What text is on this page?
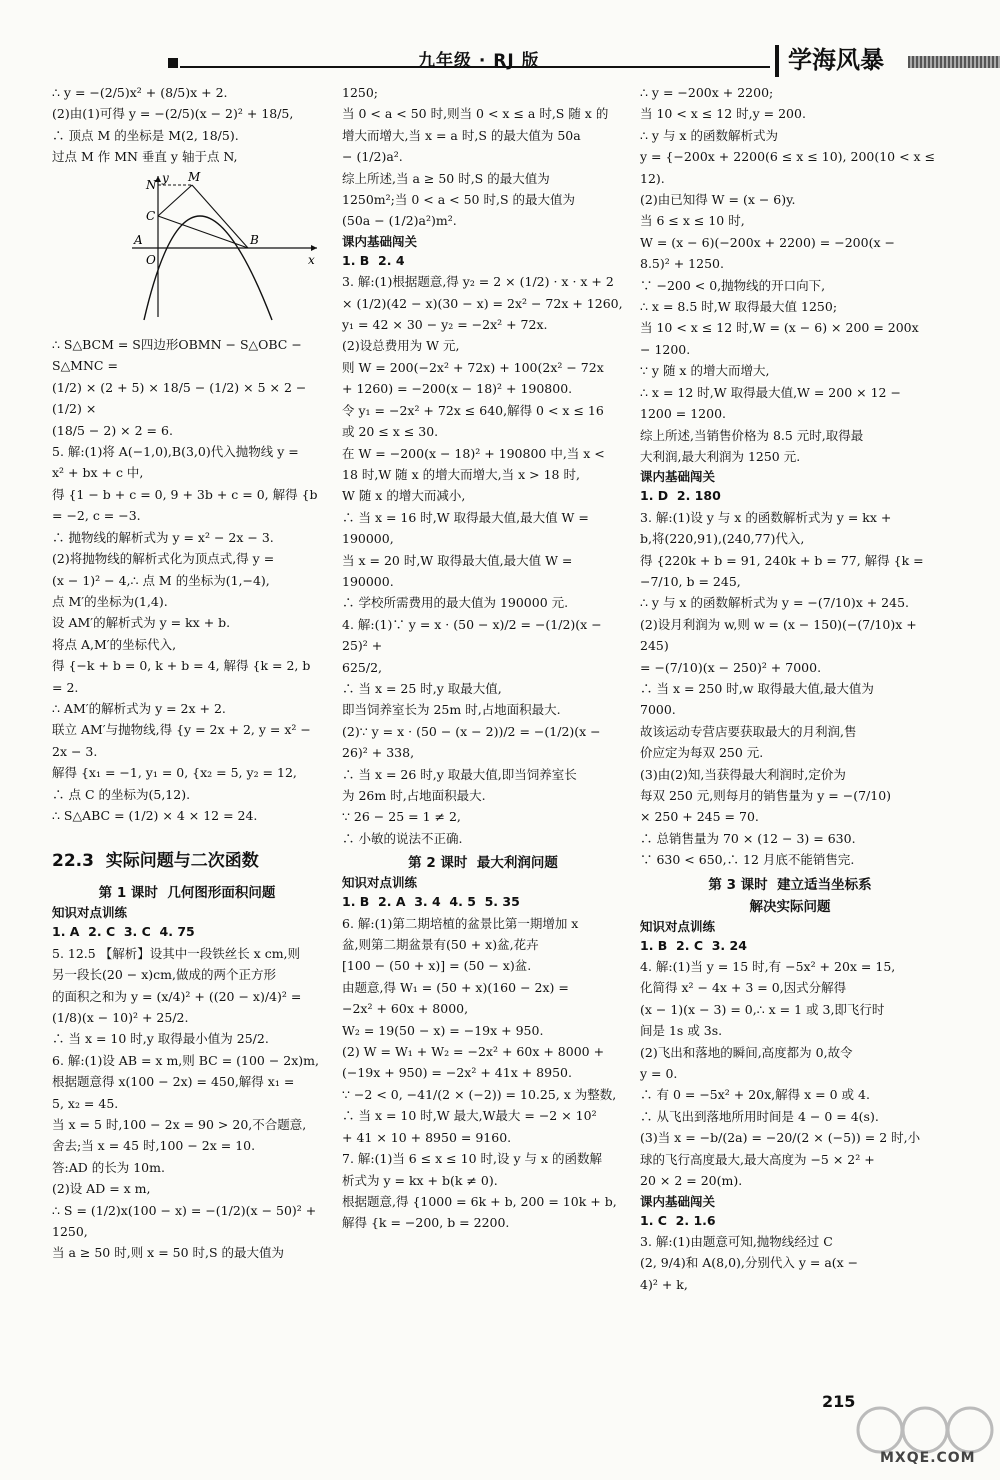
九年级 · RJ 版	学海风暴

∴ y = −(2/5)x² + (8/5)x + 2.

(2)由(1)可得 y = −(2/5)(x − 2)² + 18/5,

∴ 顶点 M 的坐标是 M(2, 18/5).

过点 M 作 MN 垂直 y 轴于点 N,

N
M
C
A
O
B
x
y

∴ S△BCM = S四边形OBMN − S△OBC − S△MNC =

(1/2) × (2 + 5) × 18/5 − (1/2) × 5 × 2 − (1/2) ×

(18/5 − 2) × 2 = 6.

5. 解:(1)将 A(−1,0),B(3,0)代入抛物线 y =

x² + bx + c 中,

得 {1 − b + c = 0, 9 + 3b + c = 0, 解得 {b = −2, c = −3.

∴ 抛物线的解析式为 y = x² − 2x − 3.

(2)将抛物线的解析式化为顶点式,得 y =

(x − 1)² − 4,∴ 点 M 的坐标为(1,−4),

点 M′的坐标为(1,4).

设 AM′的解析式为 y = kx + b.

将点 A,M′的坐标代入,

得 {−k + b = 0, k + b = 4, 解得 {k = 2, b = 2.

∴ AM′的解析式为 y = 2x + 2.

联立 AM′与抛物线,得 {y = 2x + 2, y = x² − 2x − 3.

解得 {x₁ = −1, y₁ = 0, {x₂ = 5, y₂ = 12,

∴ 点 C 的坐标为(5,12).

∴ S△ABC = (1/2) × 4 × 12 = 24.

22.3  实际问题与二次函数

第 1 课时  几何图形面积问题

知识对点训练

1. A  2. C  3. C  4. 75

5. 12.5 【解析】设其中一段铁丝长 x cm,则

另一段长(20 − x)cm,做成的两个正方形

的面积之和为 y = (x/4)² + ((20 − x)/4)² =

(1/8)(x − 10)² + 25/2.

∴ 当 x = 10 时,y 取得最小值为 25/2.

6. 解:(1)设 AB = x m,则 BC = (100 − 2x)m,

根据题意得 x(100 − 2x) = 450,解得 x₁ =

5, x₂ = 45.

当 x = 5 时,100 − 2x = 90 > 20,不合题意,

舍去;当 x = 45 时,100 − 2x = 10.

答:AD 的长为 10m.

(2)设 AD = x m,

∴ S = (1/2)x(100 − x) = −(1/2)(x − 50)² +

1250,

当 a ≥ 50 时,则 x = 50 时,S 的最大值为

1250;

当 0 < a < 50 时,则当 0 < x ≤ a 时,S 随 x 的

增大而增大,当 x = a 时,S 的最大值为 50a

− (1/2)a².

综上所述,当 a ≥ 50 时,S 的最大值为

1250m²;当 0 < a < 50 时,S 的最大值为

(50a − (1/2)a²)m².

课内基础闯关

1. B  2. 4

3. 解:(1)根据题意,得 y₂ = 2 × (1/2) · x · x + 2

× (1/2)(42 − x)(30 − x) = 2x² − 72x + 1260,

y₁ = 42 × 30 − y₂ = −2x² + 72x.

(2)设总费用为 W 元,

则 W = 200(−2x² + 72x) + 100(2x² − 72x

+ 1260) = −200(x − 18)² + 190800.

令 y₁ = −2x² + 72x ≤ 640,解得 0 < x ≤ 16

或 20 ≤ x ≤ 30.

在 W = −200(x − 18)² + 190800 中,当 x <

18 时,W 随 x 的增大而增大,当 x > 18 时,

W 随 x 的增大而减小,

∴ 当 x = 16 时,W 取得最大值,最大值 W =

190000,

当 x = 20 时,W 取得最大值,最大值 W =

190000.

∴ 学校所需费用的最大值为 190000 元.

4. 解:(1)∵ y = x · (50 − x)/2 = −(1/2)(x − 25)² +

625/2,

∴ 当 x = 25 时,y 取最大值,

即当饲养室长为 25m 时,占地面积最大.

(2)∵ y = x · (50 − (x − 2))/2 = −(1/2)(x −

26)² + 338,

∴ 当 x = 26 时,y 取最大值,即当饲养室长

为 26m 时,占地面积最大.

∵ 26 − 25 = 1 ≠ 2,

∴ 小敏的说法不正确.

第 2 课时  最大利润问题

知识对点训练

1. B  2. A  3. 4  4. 5  5. 35

6. 解:(1)第二期培植的盆景比第一期增加 x

盆,则第二期盆景有(50 + x)盆,花卉

[100 − (50 + x)] = (50 − x)盆.

由题意,得 W₁ = (50 + x)(160 − 2x) =

−2x² + 60x + 8000,

W₂ = 19(50 − x) = −19x + 950.

(2) W = W₁ + W₂ = −2x² + 60x + 8000 +

(−19x + 950) = −2x² + 41x + 8950.

∵ −2 < 0, −41/(2 × (−2)) = 10.25, x 为整数,

∴ 当 x = 10 时,W 最大,W最大 = −2 × 10²

+ 41 × 10 + 8950 = 9160.

7. 解:(1)当 6 ≤ x ≤ 10 时,设 y 与 x 的函数解

析式为 y = kx + b(k ≠ 0).

根据题意,得 {1000 = 6k + b, 200 = 10k + b,

解得 {k = −200, b = 2200.

∴ y = −200x + 2200;

当 10 < x ≤ 12 时,y = 200.

∴ y 与 x 的函数解析式为

y = {−200x + 2200(6 ≤ x ≤ 10), 200(10 < x ≤ 12).

(2)由已知得 W = (x − 6)y.

当 6 ≤ x ≤ 10 时,

W = (x − 6)(−200x + 2200) = −200(x −

8.5)² + 1250.

∵ −200 < 0,抛物线的开口向下,

∴ x = 8.5 时,W 取得最大值 1250;

当 10 < x ≤ 12 时,W = (x − 6) × 200 = 200x

− 1200.

∵ y 随 x 的增大而增大,

∴ x = 12 时,W 取得最大值,W = 200 × 12 −

1200 = 1200.

综上所述,当销售价格为 8.5 元时,取得最

大利润,最大利润为 1250 元.

课内基础闯关

1. D  2. 180

3. 解:(1)设 y 与 x 的函数解析式为 y = kx +

b,将(220,91),(240,77)代入,

得 {220k + b = 91, 240k + b = 77, 解得 {k = −7/10, b = 245,

∴ y 与 x 的函数解析式为 y = −(7/10)x + 245.

(2)设月利润为 w,则 w = (x − 150)(−(7/10)x + 245)

= −(7/10)(x − 250)² + 7000.

∴ 当 x = 250 时,w 取得最大值,最大值为

7000.

故该运动专营店要获取最大的月利润,售

价应定为每双 250 元.

(3)由(2)知,当获得最大利润时,定价为

每双 250 元,则每月的销售量为 y = −(7/10)

× 250 + 245 = 70.

∴ 总销售量为 70 × (12 − 3) = 630.

∵ 630 < 650,∴ 12 月底不能销售完.

第 3 课时  建立适当坐标系

解决实际问题

知识对点训练

1. B  2. C  3. 24

4. 解:(1)当 y = 15 时,有 −5x² + 20x = 15,

化简得 x² − 4x + 3 = 0,因式分解得

(x − 1)(x − 3) = 0,∴ x = 1 或 3,即飞行时

间是 1s 或 3s.

(2)飞出和落地的瞬间,高度都为 0,故令

y = 0.

∴ 有 0 = −5x² + 20x,解得 x = 0 或 4.

∴ 从飞出到落地所用时间是 4 − 0 = 4(s).

(3)当 x = −b/(2a) = −20/(2 × (−5)) = 2 时,小

球的飞行高度最大,最大高度为 −5 × 2² +

20 × 2 = 20(m).

课内基础闯关

1. C  2. 1.6

3. 解:(1)由题意可知,抛物线经过 C

(2, 9/4)和 A(8,0),分别代入 y = a(x −

4)² + k,

215
MXQE.COM
